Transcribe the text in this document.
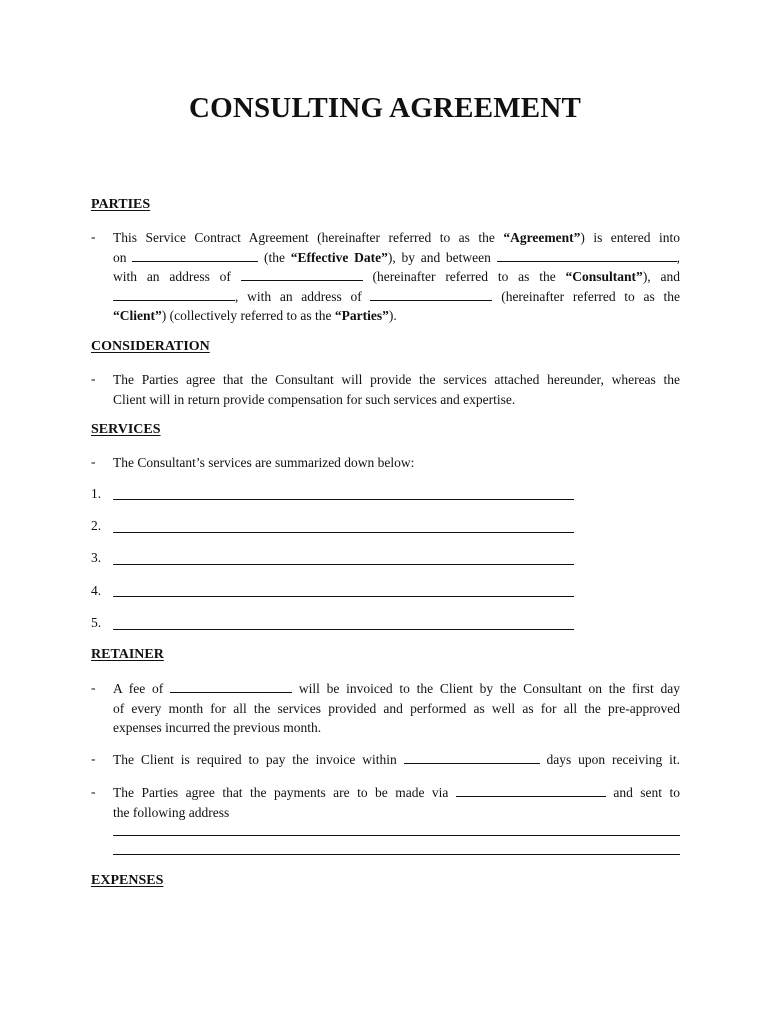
CONSULTING AGREEMENT
PARTIES
- This Service Contract Agreement (hereinafter referred to as the “Agreement”) is entered into
on	(the “Effective Date”), by and between	,
with an address of	(hereinafter referred to as the “Consultant”), and
, with an address of	(hereinafter referred to as the
“Client”) (collectively referred to as the “Parties”).
CONSIDERATION
- The Parties agree that the Consultant will provide the services attached hereunder, whereas the
Client will in return provide compensation for such services and expertise.
SERVICES
- The Consultant’s services are summarized down below:
1.
2.
3.
4.
5.
RETAINER
- A fee of	will be invoiced to the Client by the Consultant on the first day
of every month for all the services provided and performed as well as for all the pre-approved
expenses incurred the previous month.
- The Client is required to pay the invoice within	days upon receiving it.
- The Parties agree that the payments are to be made via	and sent to
the following address
EXPENSES
